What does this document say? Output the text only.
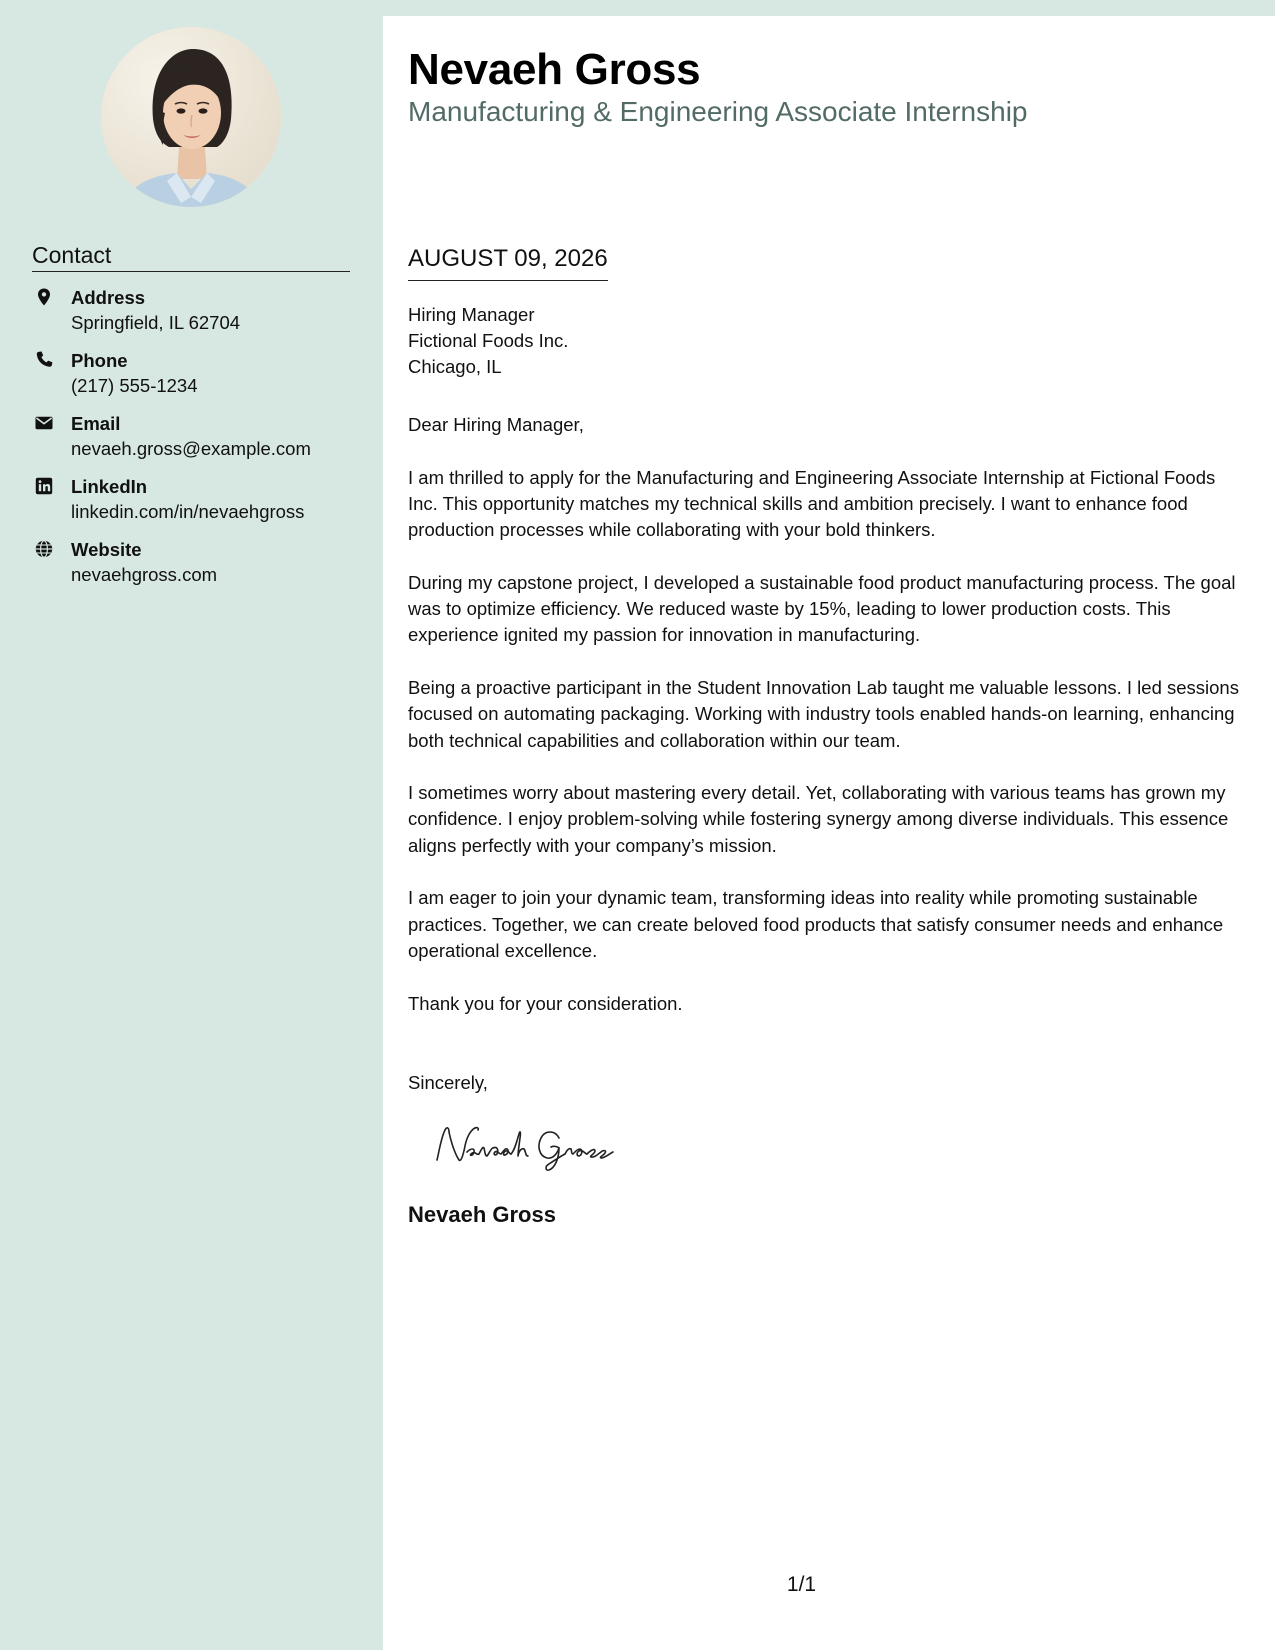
Contact
Address
Springfield, IL 62704
Phone
(217) 555-1234
Email
nevaeh.gross@example.com
LinkedIn
linkedin.com/in/nevaehgross
Website
nevaehgross.com
Nevaeh Gross
Manufacturing & Engineering Associate Internship
AUGUST 09, 2026
Hiring Manager
Fictional Foods Inc.
Chicago, IL

Dear Hiring Manager,

I am thrilled to apply for the Manufacturing and Engineering Associate Internship at Fictional Foods Inc. This opportunity matches my technical skills and ambition precisely. I want to enhance food production processes while collaborating with your bold thinkers.

During my capstone project, I developed a sustainable food product manufacturing process. The goal was to optimize efficiency. We reduced waste by 15%, leading to lower production costs. This experience ignited my passion for innovation in manufacturing.

Being a proactive participant in the Student Innovation Lab taught me valuable lessons. I led sessions focused on automating packaging. Working with industry tools enabled hands-on learning, enhancing both technical capabilities and collaboration within our team.

I sometimes worry about mastering every detail. Yet, collaborating with various teams has grown my confidence. I enjoy problem-solving while fostering synergy among diverse individuals. This essence aligns perfectly with your company’s mission.

I am eager to join your dynamic team, transforming ideas into reality while promoting sustainable practices. Together, we can create beloved food products that satisfy consumer needs and enhance operational excellence.

Thank you for your consideration.

Sincerely,
Nevaeh Gross
1/1
